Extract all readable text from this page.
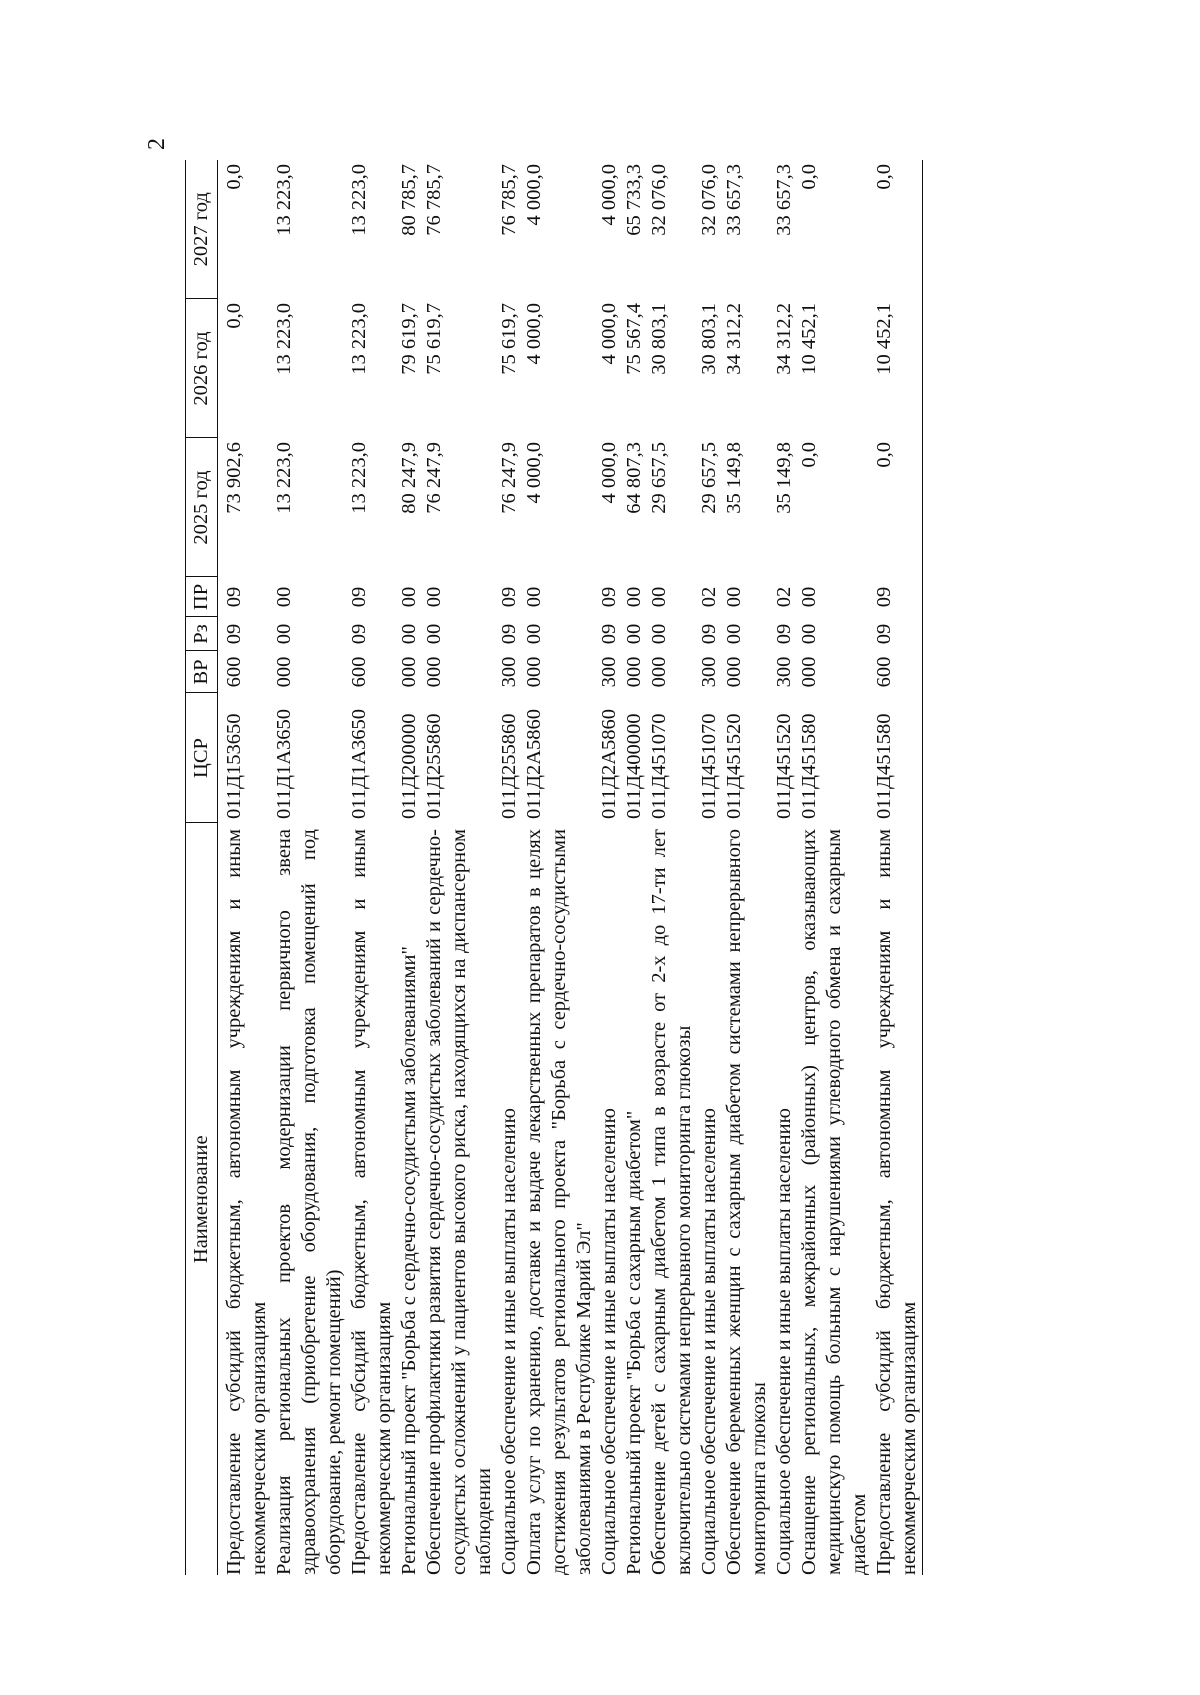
2
Наименование	ЦСР	ВР	Рз	ПР	2025 год	2026 год	2027 год

Предоставление субсидий бюджетным, автономным учреждениям и иным некоммерческим организациям	011Д153650	600	09	09	73 902,6	0,0	0,0
Реализация региональных проектов модернизации первичного звена здравоохранения (приобретение оборудования, подготовка помещений под оборудование, ремонт помещений)	011Д1А3650	000	00	00	13 223,0	13 223,0	13 223,0
Предоставление субсидий бюджетным, автономным учреждениям и иным некоммерческим организациям	011Д1А3650	600	09	09	13 223,0	13 223,0	13 223,0
Региональный проект "Борьба с сердечно-сосудистыми заболеваниями"	011Д200000	000	00	00	80 247,9	79 619,7	80 785,7
Обеспечение профилактики развития сердечно-сосудистых заболеваний и сердечно-сосудистых осложнений у пациентов высокого риска, находящихся на диспансерном наблюдении	011Д255860	000	00	00	76 247,9	75 619,7	76 785,7
Социальное обеспечение и иные выплаты населению	011Д255860	300	09	09	76 247,9	75 619,7	76 785,7
Оплата услуг по хранению, доставке и выдаче лекарственных препаратов в целях достижения результатов регионального проекта "Борьба с сердечно-сосудистыми заболеваниями в Республике Марий Эл"	011Д2А5860	000	00	00	4 000,0	4 000,0	4 000,0
Социальное обеспечение и иные выплаты населению	011Д2А5860	300	09	09	4 000,0	4 000,0	4 000,0
Региональный проект "Борьба с сахарным диабетом"	011Д400000	000	00	00	64 807,3	75 567,4	65 733,3
Обеспечение детей с сахарным диабетом 1 типа в возрасте от 2-х до 17-ти лет включительно системами непрерывного мониторинга глюкозы	011Д451070	000	00	00	29 657,5	30 803,1	32 076,0
Социальное обеспечение и иные выплаты населению	011Д451070	300	09	02	29 657,5	30 803,1	32 076,0
Обеспечение беременных женщин с сахарным диабетом системами непрерывного мониторинга глюкозы	011Д451520	000	00	00	35 149,8	34 312,2	33 657,3
Социальное обеспечение и иные выплаты населению	011Д451520	300	09	02	35 149,8	34 312,2	33 657,3
Оснащение региональных, межрайонных (районных) центров, оказывающих медицинскую помощь больным с нарушениями углеводного обмена и сахарным диабетом	011Д451580	000	00	00	0,0	10 452,1	0,0
Предоставление субсидий бюджетным, автономным учреждениям и иным некоммерческим организациям	011Д451580	600	09	09	0,0	10 452,1	0,0
